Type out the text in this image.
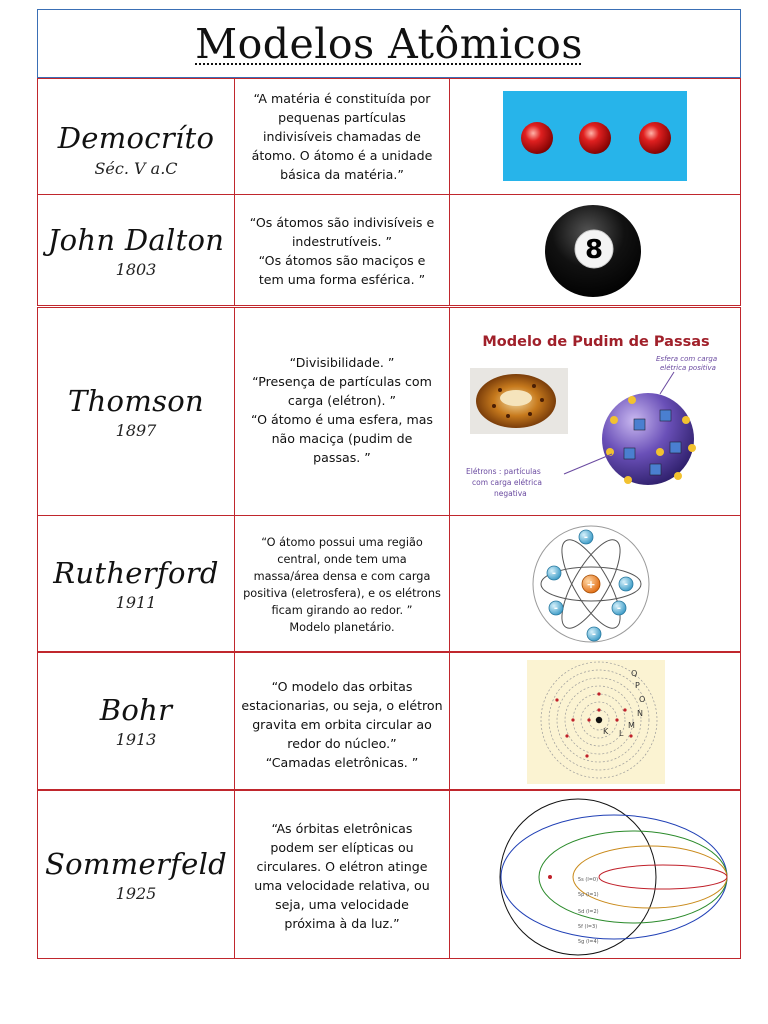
Modelos Atômicos
Democríto
Séc. V a.C
“A matéria é constituída por
pequenas partículas
indivisíveis chamadas de
átomo. O átomo é a unidade
básica da matéria.”
John Dalton
1803
“Os átomos são indivisíveis e
indestrutíveis. ”
“Os átomos são maciços e
tem uma forma esférica. ”
8
Thomson
1897
“Divisibilidade. ”
“Presença de partículas com
carga (elétron). ”
“O átomo é uma esfera, mas
não maciça (pudim de
passas. ”
Modelo de Pudim de Passas
Esfera com carga elétrica positiva
Elétrons : partículas com carga elétrica negativa
Rutherford
1911
“O átomo possui uma região
central, onde tem uma
massa/área densa e com carga
positiva (eletrosfera), e os elétrons
ficam girando ao redor. ”
Modelo planetário.
+
-
-
-
-	-
-
Bohr
1913
“O modelo das orbitas
estacionarias, ou seja, o elétron
gravita em orbita circular ao
redor do núcleo.”
“Camadas eletrônicas. ”
K L
M
N
O
P
Q
Sommerfeld
1925
“As órbitas eletrônicas
podem ser elípticas ou
circulares. O elétron atinge
uma velocidade relativa, ou
seja, uma velocidade
próxima à da luz.”
5s (l=0)
5p (l=1)
5d (l=2)
5f (l=3)
5g (l=4)
